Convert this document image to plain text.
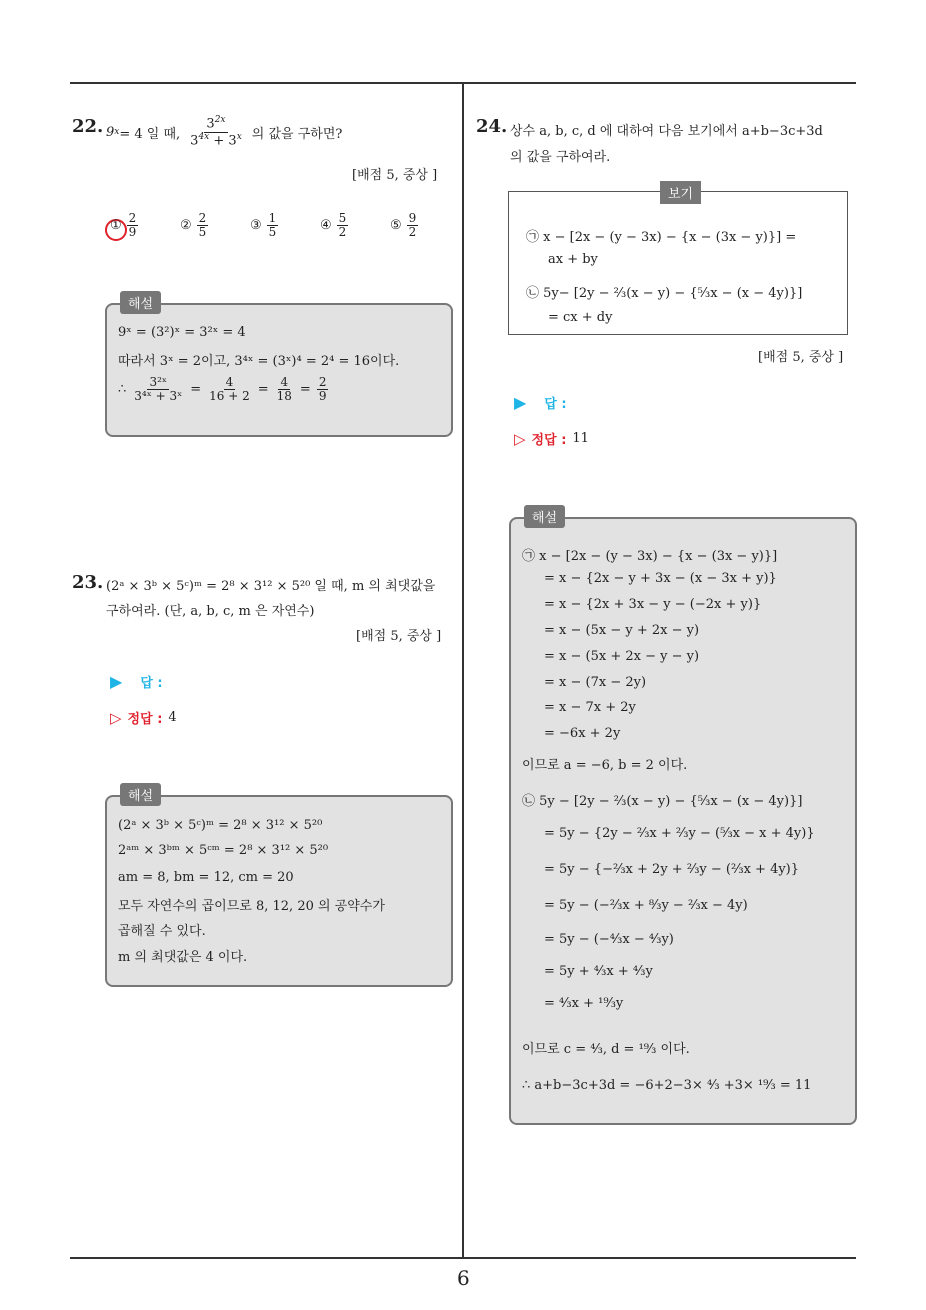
22. 9 x = 4 일 때, $\frac{3^{2x}}{3^{4x} + 3^x}$ 의 값을 구하면?
[배점 5, 중상 ]
① $\frac{2}{9}$	② $\frac{2}{5}$	③ $\frac{1}{5}$	④ $\frac{5}{2}$	⑤ $\frac{9}{2}$
해설
9ˣ = (3²)ˣ = 3²ˣ = 4
따라서 3ˣ = 2이고, 3⁴ˣ = (3ˣ)⁴ = 2⁴ = 16이다.
∴ $\frac{\text{3²ˣ}}{\text{3⁴ˣ + 3ˣ}} = \frac{4}{16 + 2} = \frac{4}{18} = \frac{2}{9}$
23. (2ᵃ × 3ᵇ × 5ᶜ)ᵐ = 2⁸ × 3¹² × 5²⁰ 일 때, m 의 최댓값을
구하여라. (단, a, b, c, m 은 자연수)
[배점 5, 중상 ]
▶ 답 :
▷ 정답 : 4
해설
(2ᵃ × 3ᵇ × 5ᶜ)ᵐ = 2⁸ × 3¹² × 5²⁰
2ᵃᵐ × 3ᵇᵐ × 5ᶜᵐ = 2⁸ × 3¹² × 5²⁰
am = 8, bm = 12, cm = 20
모두 자연수의 곱이므로 8, 12, 20 의 공약수가
곱해질 수 있다.
m 의 최댓값은 4 이다.
24. 상수 a, b, c, d 에 대하여 다음 보기에서 a+b−3c+3d
의 값을 구하여라.
보기
㉠ x − [2x − (y − 3x) − {x − (3x − y)}] =
ax + by
㉡ 5y− [2y − ²⁄₃(x − y) − {⁵⁄₃x − (x − 4y)}]
= cx + dy
[배점 5, 중상 ]
▶ 답 :
▷ 정답 : 11
해설
㉠ x − [2x − (y − 3x) − {x − (3x − y)}]
= x − {2x − y + 3x − (x − 3x + y)}
= x − {2x + 3x − y − (−2x + y)}
= x − (5x − y + 2x − y)
= x − (5x + 2x − y − y)
= x − (7x − 2y)
= x − 7x + 2y
= −6x + 2y
이므로 a = −6, b = 2 이다.
㉡ 5y − [2y − ²⁄₃(x − y) − {⁵⁄₃x − (x − 4y)}]
= 5y − {2y − ²⁄₃x + ²⁄₃y − (⁵⁄₃x − x + 4y)}
= 5y − {−²⁄₃x + 2y + ²⁄₃y − (²⁄₃x + 4y)}
= 5y − (−²⁄₃x + ⁸⁄₃y − ²⁄₃x − 4y)
= 5y − (−⁴⁄₃x − ⁴⁄₃y)
= 5y + ⁴⁄₃x + ⁴⁄₃y
= ⁴⁄₃x + ¹⁹⁄₃y
이므로 c = ⁴⁄₃, d = ¹⁹⁄₃ 이다.
∴ a+b−3c+3d = −6+2−3× ⁴⁄₃ +3× ¹⁹⁄₃ = 11
6
